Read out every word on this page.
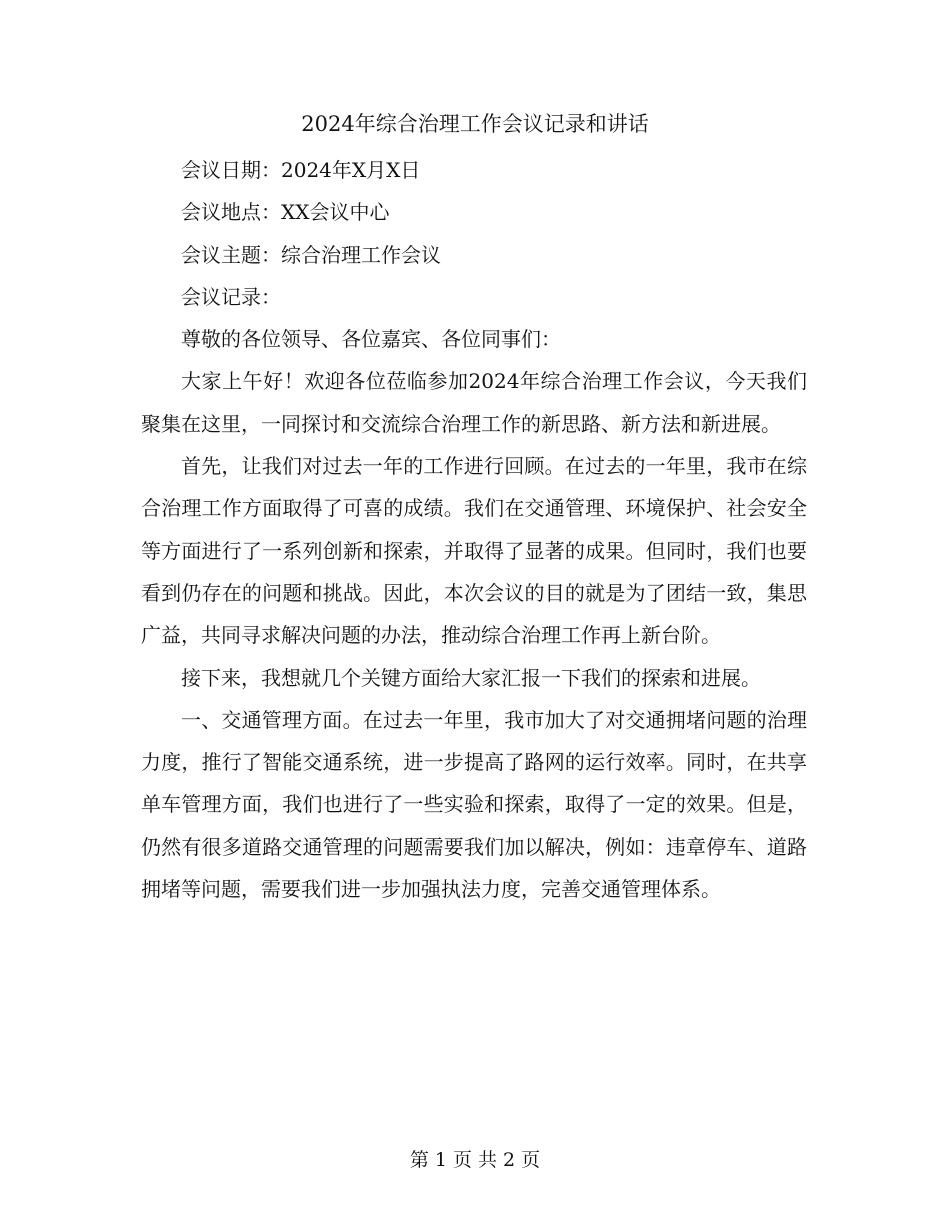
2024年综合治理工作会议记录和讲话

会议日期：2024年X月X日

会议地点：XX会议中心

会议主题：综合治理工作会议

会议记录：

尊敬的各位领导、各位嘉宾、各位同事们：

大家上午好！欢迎各位莅临参加2024年综合治理工作会议，今天我们聚集在这里，一同探讨和交流综合治理工作的新思路、新方法和新进展。

首先，让我们对过去一年的工作进行回顾。在过去的一年里，我市在综合治理工作方面取得了可喜的成绩。我们在交通管理、环境保护、社会安全等方面进行了一系列创新和探索，并取得了显著的成果。但同时，我们也要看到仍存在的问题和挑战。因此，本次会议的目的就是为了团结一致，集思广益，共同寻求解决问题的办法，推动综合治理工作再上新台阶。

接下来，我想就几个关键方面给大家汇报一下我们的探索和进展。

一、交通管理方面。在过去一年里，我市加大了对交通拥堵问题的治理力度，推行了智能交通系统，进一步提高了路网的运行效率。同时，在共享单车管理方面，我们也进行了一些实验和探索，取得了一定的效果。但是，仍然有很多道路交通管理的问题需要我们加以解决，例如：违章停车、道路拥堵等问题，需要我们进一步加强执法力度，完善交通管理体系。

第 1 页 共 2 页
